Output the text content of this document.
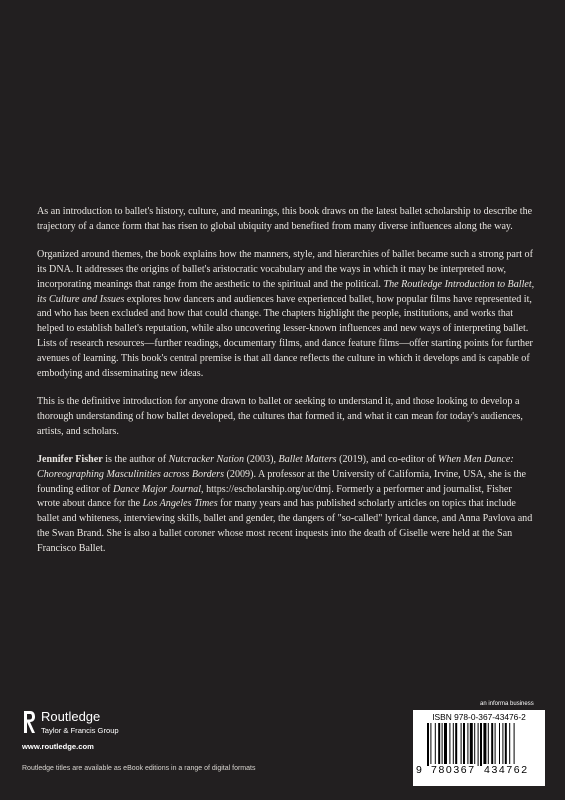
As an introduction to ballet's history, culture, and meanings, this book draws on the latest ballet scholarship to describe the trajectory of a dance form that has risen to global ubiquity and benefited from many diverse influences along the way.

Organized around themes, the book explains how the manners, style, and hierarchies of ballet became such a strong part of its DNA. It addresses the origins of ballet's aristocratic vocabulary and the ways in which it may be interpreted now, incorporating meanings that range from the aesthetic to the spiritual and the political. The Routledge Introduction to Ballet, its Culture and Issues explores how dancers and audiences have experienced ballet, how popular films have represented it, and who has been excluded and how that could change. The chapters highlight the people, institutions, and works that helped to establish ballet's reputation, while also uncovering lesser-known influences and new ways of interpreting ballet. Lists of research resources—further readings, documentary films, and dance feature films—offer starting points for further avenues of learning. This book's central premise is that all dance reflects the culture in which it develops and is capable of embodying and disseminating new ideas.

This is the definitive introduction for anyone drawn to ballet or seeking to understand it, and those looking to develop a thorough understanding of how ballet developed, the cultures that formed it, and what it can mean for today's audiences, artists, and scholars.

Jennifer Fisher is the author of Nutcracker Nation (2003), Ballet Matters (2019), and co-editor of When Men Dance: Choreographing Masculinities across Borders (2009). A professor at the University of California, Irvine, USA, she is the founding editor of Dance Major Journal, https://escholarship.org/uc/dmj. Formerly a performer and journalist, Fisher wrote about dance for the Los Angeles Times for many years and has published scholarly articles on topics that include ballet and whiteness, interviewing skills, ballet and gender, the dangers of "so-called" lyrical dance, and Anna Pavlova and the Swan Brand. She is also a ballet coroner whose most recent inquests into the death of Giselle were held at the San Francisco Ballet.

Routledge
Taylor & Francis Group
www.routledge.com
Routledge titles are available as eBook editions in a range of digital formats
an informa business
ISBN 978-0-367-43476-2
9 780367 434762
